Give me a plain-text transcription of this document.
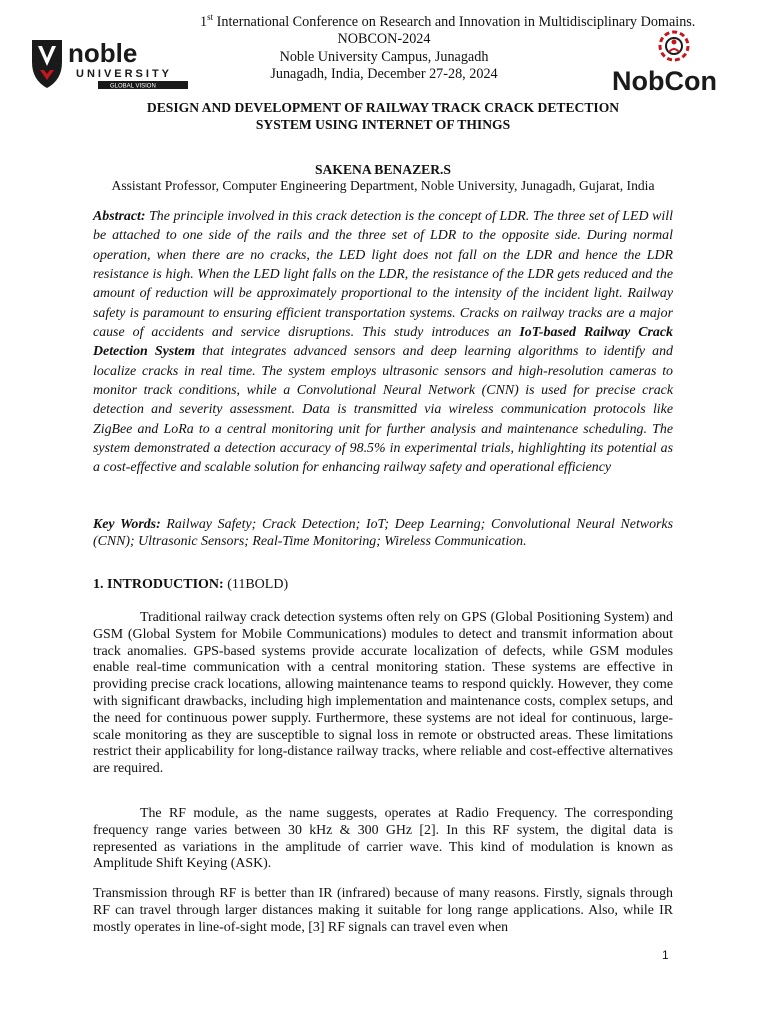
noble
UNIVERSITY
GLOBAL VISION
1st International Conference on Research and Innovation in Multidisciplinary Domains.
NOBCON-2024
Noble University Campus, Junagadh
Junagadh, India, December 27-28, 2024	NobCon
DESIGN AND DEVELOPMENT OF RAILWAY TRACK CRACK DETECTION
SYSTEM USING INTERNET OF THINGS
SAKENA BENAZER.S
Assistant Professor, Computer Engineering Department, Noble University, Junagadh, Gujarat, India
Abstract: The principle involved in this crack detection is the concept of LDR. The three set of LED will be attached to one side of the rails and the three set of LDR to the opposite side. During normal operation, when there are no cracks, the LED light does not fall on the LDR and hence the LDR resistance is high. When the LED light falls on the LDR, the resistance of the LDR gets reduced and the amount of reduction will be approximately proportional to the intensity of the incident light. Railway safety is paramount to ensuring efficient transportation systems. Cracks on railway tracks are a major cause of accidents and service disruptions. This study introduces an IoT-based Railway Crack Detection System that integrates advanced sensors and deep learning algorithms to identify and localize cracks in real time. The system employs ultrasonic sensors and high-resolution cameras to monitor track conditions, while a Convolutional Neural Network (CNN) is used for precise crack detection and severity assessment. Data is transmitted via wireless communication protocols like ZigBee and LoRa to a central monitoring unit for further analysis and maintenance scheduling. The system demonstrated a detection accuracy of 98.5% in experimental trials, highlighting its potential as a cost-effective and scalable solution for enhancing railway safety and operational efficiency
Key Words: Railway Safety; Crack Detection; IoT; Deep Learning; Convolutional Neural Networks (CNN); Ultrasonic Sensors; Real-Time Monitoring; Wireless Communication.
1. INTRODUCTION: (11BOLD)
Traditional railway crack detection systems often rely on GPS (Global Positioning System) and GSM (Global System for Mobile Communications) modules to detect and transmit information about track anomalies. GPS-based systems provide accurate localization of defects, while GSM modules enable real-time communication with a central monitoring station. These systems are effective in providing precise crack locations, allowing maintenance teams to respond quickly. However, they come with significant drawbacks, including high implementation and maintenance costs, complex setups, and the need for continuous power supply. Furthermore, these systems are not ideal for continuous, large-scale monitoring as they are susceptible to signal loss in remote or obstructed areas. These limitations restrict their applicability for long-distance railway tracks, where reliable and cost-effective alternatives are required.
The RF module, as the name suggests, operates at Radio Frequency. The corresponding frequency range varies between 30 kHz & 300 GHz [2]. In this RF system, the digital data is represented as variations in the amplitude of carrier wave. This kind of modulation is known as Amplitude Shift Keying (ASK).
Transmission through RF is better than IR (infrared) because of many reasons. Firstly, signals through RF can travel through larger distances making it suitable for long range applications. Also, while IR mostly operates in line-of-sight mode, [3] RF signals can travel even when
1
